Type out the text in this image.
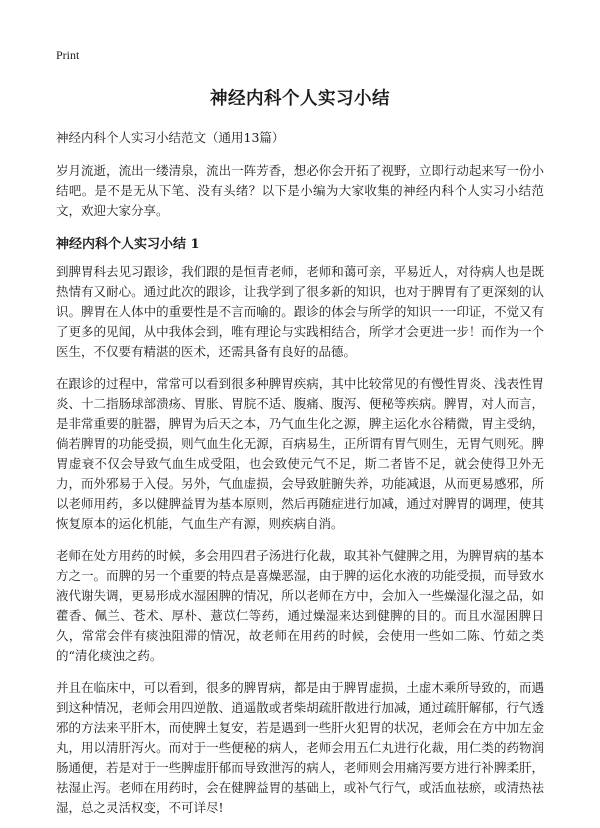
Print
神经内科个人实习小结
神经内科个人实习小结范文（通用13篇）

岁月流逝，流出一缕清泉，流出一阵芳香，想必你会开拓了视野，立即行动起来写一份小结吧。是不是无从下笔、没有头绪？以下是小编为大家收集的神经内科个人实习小结范文，欢迎大家分享。

神经内科个人实习小结 1

到脾胃科去见习跟诊，我们跟的是恒青老师，老师和蔼可亲，平易近人，对待病人也是既热情有又耐心。通过此次的跟诊，让我学到了很多新的知识，也对于脾胃有了更深刻的认识。脾胃在人体中的重要性是不言而喻的。跟诊的体会与所学的知识一一印证，不觉又有了更多的见闻，从中我体会到，唯有理论与实践相结合，所学才会更进一步！而作为一个医生，不仅要有精湛的医术，还需具备有良好的品德。

在跟诊的过程中，常常可以看到很多种脾胃疾病，其中比较常见的有慢性胃炎、浅表性胃炎、十二指肠球部溃疡、胃胀、胃脘不适、腹痛、腹泻、便秘等疾病。脾胃，对人而言，是非常重要的脏器，脾胃为后天之本，乃气血生化之源，脾主运化水谷精微，胃主受纳，倘若脾胃的功能受损，则气血生化无源，百病易生，正所谓有胃气则生，无胃气则死。脾胃虚衰不仅会导致气血生成受阻，也会致使元气不足，斯二者皆不足，就会使得卫外无力，而外邪易于入侵。另外，气血虚损，会导致脏腑失养，功能减退，从而更易感邪，所以老师用药，多以健脾益胃为基本原则，然后再随症进行加减，通过对脾胃的调理，使其恢复原本的运化机能，气血生产有源，则疾病自消。

老师在处方用药的时候，多会用四君子汤进行化裁，取其补气健脾之用，为脾胃病的基本方之一。而脾的另一个重要的特点是喜燥恶湿，由于脾的运化水液的功能受损，而导致水液代谢失调，更易形成水湿困脾的情况，所以老师在方中，会加入一些燥湿化湿之品，如藿香、佩兰、苍术、厚朴、薏苡仁等药，通过燥湿来达到健脾的目的。而且水湿困脾日久，常常会伴有痰浊阻滞的情况，故老师在用药的时候，会使用一些如二陈、竹茹之类的“清化痰浊之药。

并且在临床中，可以看到，很多的脾胃病，都是由于脾胃虚损，土虚木乘所导致的，而遇到这种情况，老师会用四逆散、逍遥散或者柴胡疏肝散进行加减，通过疏肝解郁，行气透邪的方法来平肝木，而使脾土复安，若是遇到一些肝火犯胃的状况，老师会在方中加左金丸，用以清肝泻火。而对于一些便秘的病人，老师会用五仁丸进行化裁，用仁类的药物润肠通便，若是对于一些脾虚肝郁而导致泄泻的病人，老师则会用痛泻要方进行补脾柔肝，祛湿止泻。老师在用药时，会在健脾益胃的基础上，或补气行气，或活血祛瘀，或清热祛湿，总之灵活权变，不可详尽!
